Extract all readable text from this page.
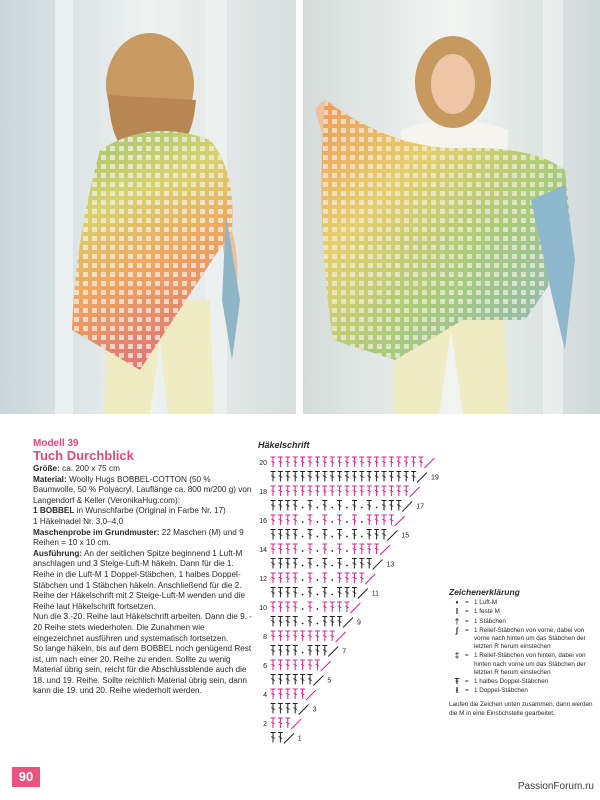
Modell 39
Tuch Durchblick

Größe: ca. 200 x 75 cm

Material: Woolly Hugs BOBBEL-COTTON (50 % Baumwolle, 50 % Polyacryl, Lauflänge ca. 800 m/200 g) von Langendorf & Keller (VeronikaHug.com):

1 BOBBEL in Wunschfarbe (Original in Farbe Nr. 17)

1 Häkelnadel Nr. 3,0–4,0

Maschenprobe im Grundmuster: 22 Maschen (M) und 9 Reihen = 10 x 10 cm.

Ausführung: An der seitlichen Spitze beginnend 1 Luft-M anschlagen und 3 Steige-Luft-M häkeln. Dann für die 1. Reihe in die Luft-M 1 Doppel-Stäbchen, 1 halbes Doppel-Stäbchen und 1 Stäbchen häkeln. Anschließend für die 2. Reihe der Häkelschrift mit 2 Steige-Luft-M wenden und die Reihe laut Häkelschrift fortsetzen.

Nun die 3.-20. Reihe laut Häkelschrift arbeiten. Dann die 9. - 20 Reihe stets wiederholen. Die Zunahmen wie eingezeichnet ausführen und systematisch fortsetzen.

So lange häkeln, bis auf dem BOBBEL noch genügend Rest ist, um nach einer 20. Reihe zu enden. Sollte zu wenig Material übrig sein, reicht für die Abschlussblende auch die 18. und 19. Reihe. Sollte reichlich Material übrig sein, dann kann die 19. und 20. Reihe wiederholt werden.

Häkelschrift
20
19
18
17
16
15
14
13
12
11
10
9
8
7
6
5
4
3
2
1
Zeichenerklärung
•	= 1 Luft-M
I	= 1 feste M
† = 1 Stäbchen
∫	= 1 Relief-Stäbchen von vorne, dabei von vorne nach hinten um das Stäbchen der letzten R herum einstechen
‡ = 1 Relief-Stäbchen von hinten, dabei von hinten nach vorne um das Stäbchen der letzten R herum einstechen
Ŧ = 1 halbes Doppel-Stäbchen
Ɨ	= 1 Doppel-Stäbchen
Laufen die Zeichen unten zusammen, dann werden die M in eine Einstichstelle gearbeitet.
90
PassionForum.ru
